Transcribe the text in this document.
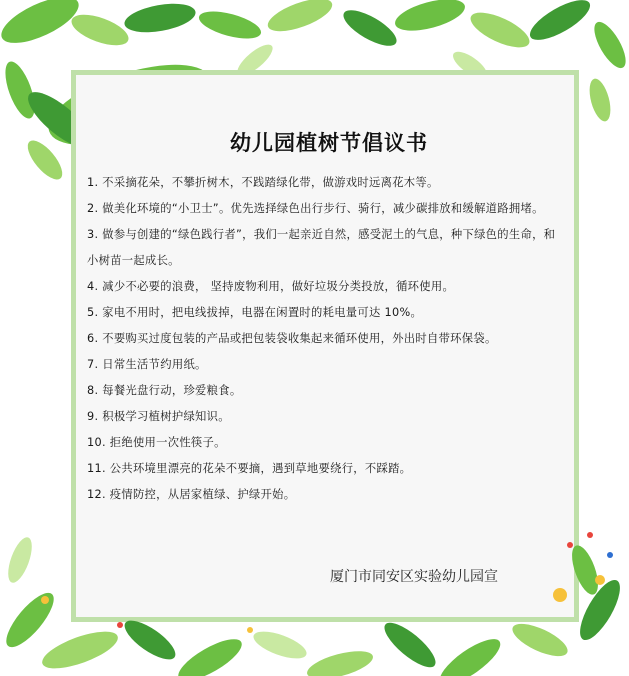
幼儿园植树节倡议书
1. 不采摘花朵，不攀折树木，不践踏绿化带，做游戏时远离花木等。
2. 做美化环境的“小卫士”。优先选择绿色出行步行、骑行，减少碳排放和缓解道路拥堵。
3. 做参与创建的“绿色践行者”，我们一起亲近自然，感受泥土的气息，种下绿色的生命，和小树苗一起成长。
4. 减少不必要的浪费， 坚持废物利用，做好垃圾分类投放，循环使用。
5. 家电不用时，把电线拔掉，电器在闲置时的耗电量可达 10%。
6. 不要购买过度包装的产品或把包装袋收集起来循环使用，外出时自带环保袋。
7. 日常生活节约用纸。
8. 每餐光盘行动，珍爱粮食。
9. 积极学习植树护绿知识。
10. 拒绝使用一次性筷子。
11. 公共环境里漂亮的花朵不要摘，遇到草地要绕行，不踩踏。
12. 疫情防控，从居家植绿、护绿开始。

厦门市同安区实验幼儿园宣
